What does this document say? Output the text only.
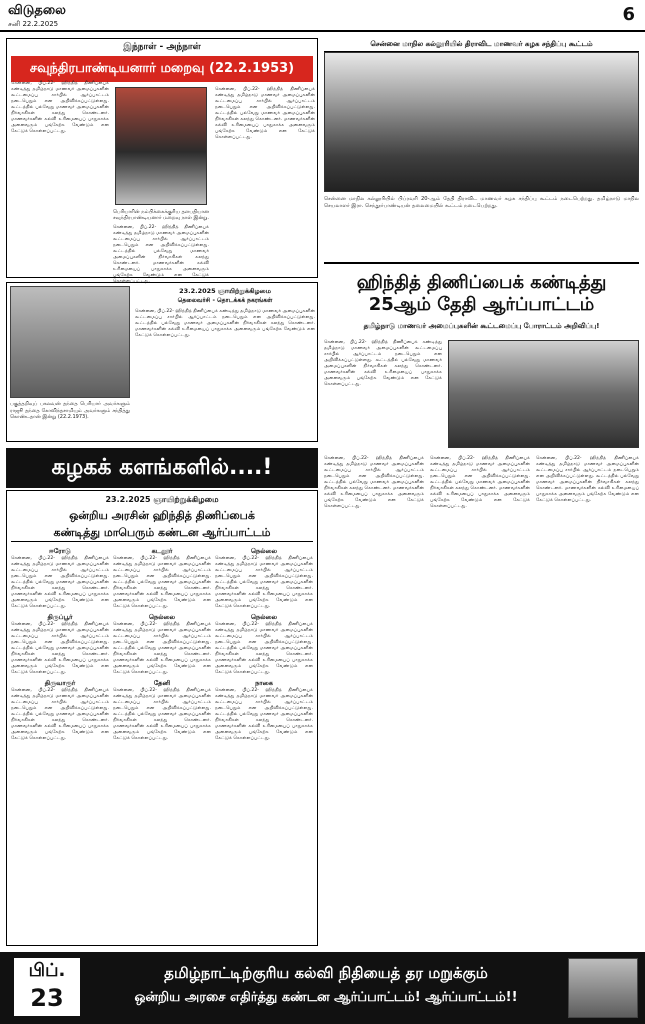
விடுதலை
சனி 22.2.2025	6
இந்நாள் - அந்நாள்
சவுந்திரபாண்டியனார் மறைவு (22.2.1953)
சென்னை, பிப்.22- ஹிந்தித் திணிப்பைக் கண்டித்து தமிழ்நாடு மாணவர் அமைப்புகளின் கூட்டமைப்பு சார்பில் ஆர்ப்பாட்டம் நடைபெறும் என அறிவிக்கப்பட்டுள்ளது. கூட்டத்தில் பல்வேறு மாணவர் அமைப்புகளின் நிர்வாகிகள் கலந்து கொண்டனர். மாணவர்களின் கல்வி உரிமையைப் பாதுகாக்க அனைவரும் பங்கேற்க வேண்டும் என கேட்டுக் கொள்ளப்பட்டது.
பெரியாரின் நம்பிக்கைக்குரிய தளபதியான சவுந்திரபாண்டியனார் மறைவு நாள் இன்று.
சென்னை, பிப்.22- ஹிந்தித் திணிப்பைக் கண்டித்து தமிழ்நாடு மாணவர் அமைப்புகளின் கூட்டமைப்பு சார்பில் ஆர்ப்பாட்டம் நடைபெறும் என அறிவிக்கப்பட்டுள்ளது. கூட்டத்தில் பல்வேறு மாணவர் அமைப்புகளின் நிர்வாகிகள் கலந்து கொண்டனர். மாணவர்களின் கல்வி உரிமையைப் பாதுகாக்க அனைவரும் பங்கேற்க வேண்டும் என கேட்டுக் கொள்ளப்பட்டது.
சென்னை, பிப்.22- ஹிந்தித் திணிப்பைக் கண்டித்து தமிழ்நாடு மாணவர் அமைப்புகளின் கூட்டமைப்பு சார்பில் ஆர்ப்பாட்டம் நடைபெறும் என அறிவிக்கப்பட்டுள்ளது. கூட்டத்தில் பல்வேறு மாணவர் அமைப்புகளின் நிர்வாகிகள் கலந்து கொண்டனர். மாணவர்களின் கல்வி உரிமையைப் பாதுகாக்க அனைவரும் பங்கேற்க வேண்டும் என கேட்டுக் கொள்ளப்பட்டது.
பகுத்தறிவுப் பகலவன் தந்தை பெரியார் அவர்களும் ராஜூ தந்தை கோவிந்தசாமியும் அவர்களும் சந்தித்து கொண்டதான் இன்று (22.2.1973).
23.2.2025 ஞாயிற்றுக்கிழமை
தெலைவர்சி - தொடக்கக் நகரங்கள்
சென்னை, பிப்.22- ஹிந்தித் திணிப்பைக் கண்டித்து தமிழ்நாடு மாணவர் அமைப்புகளின் கூட்டமைப்பு சார்பில் ஆர்ப்பாட்டம் நடைபெறும் என அறிவிக்கப்பட்டுள்ளது. கூட்டத்தில் பல்வேறு மாணவர் அமைப்புகளின் நிர்வாகிகள் கலந்து கொண்டனர். மாணவர்களின் கல்வி உரிமையைப் பாதுகாக்க அனைவரும் பங்கேற்க வேண்டும் என கேட்டுக் கொள்ளப்பட்டது.
கழகக் களங்களில்....!
23.2.2025 ஞாயிற்றுக்கிழமை
ஒன்றிய அரசின் ஹிந்தித் திணிப்பைக்
கண்டித்து மாபெரும் கண்டன ஆர்ப்பாட்டம்
ஈரோடு
சென்னை, பிப்.22- ஹிந்தித் திணிப்பைக் கண்டித்து தமிழ்நாடு மாணவர் அமைப்புகளின் கூட்டமைப்பு சார்பில் ஆர்ப்பாட்டம் நடைபெறும் என அறிவிக்கப்பட்டுள்ளது. கூட்டத்தில் பல்வேறு மாணவர் அமைப்புகளின் நிர்வாகிகள் கலந்து கொண்டனர். மாணவர்களின் கல்வி உரிமையைப் பாதுகாக்க அனைவரும் பங்கேற்க வேண்டும் என கேட்டுக் கொள்ளப்பட்டது.
திருப்பூர்
சென்னை, பிப்.22- ஹிந்தித் திணிப்பைக் கண்டித்து தமிழ்நாடு மாணவர் அமைப்புகளின் கூட்டமைப்பு சார்பில் ஆர்ப்பாட்டம் நடைபெறும் என அறிவிக்கப்பட்டுள்ளது. கூட்டத்தில் பல்வேறு மாணவர் அமைப்புகளின் நிர்வாகிகள் கலந்து கொண்டனர். மாணவர்களின் கல்வி உரிமையைப் பாதுகாக்க அனைவரும் பங்கேற்க வேண்டும் என கேட்டுக் கொள்ளப்பட்டது.
திருவாரூர்
சென்னை, பிப்.22- ஹிந்தித் திணிப்பைக் கண்டித்து தமிழ்நாடு மாணவர் அமைப்புகளின் கூட்டமைப்பு சார்பில் ஆர்ப்பாட்டம் நடைபெறும் என அறிவிக்கப்பட்டுள்ளது. கூட்டத்தில் பல்வேறு மாணவர் அமைப்புகளின் நிர்வாகிகள் கலந்து கொண்டனர். மாணவர்களின் கல்வி உரிமையைப் பாதுகாக்க அனைவரும் பங்கேற்க வேண்டும் என கேட்டுக் கொள்ளப்பட்டது.
கடலூர்
சென்னை, பிப்.22- ஹிந்தித் திணிப்பைக் கண்டித்து தமிழ்நாடு மாணவர் அமைப்புகளின் கூட்டமைப்பு சார்பில் ஆர்ப்பாட்டம் நடைபெறும் என அறிவிக்கப்பட்டுள்ளது. கூட்டத்தில் பல்வேறு மாணவர் அமைப்புகளின் நிர்வாகிகள் கலந்து கொண்டனர். மாணவர்களின் கல்வி உரிமையைப் பாதுகாக்க அனைவரும் பங்கேற்க வேண்டும் என கேட்டுக் கொள்ளப்பட்டது.
நெல்லை
சென்னை, பிப்.22- ஹிந்தித் திணிப்பைக் கண்டித்து தமிழ்நாடு மாணவர் அமைப்புகளின் கூட்டமைப்பு சார்பில் ஆர்ப்பாட்டம் நடைபெறும் என அறிவிக்கப்பட்டுள்ளது. கூட்டத்தில் பல்வேறு மாணவர் அமைப்புகளின் நிர்வாகிகள் கலந்து கொண்டனர். மாணவர்களின் கல்வி உரிமையைப் பாதுகாக்க அனைவரும் பங்கேற்க வேண்டும் என கேட்டுக் கொள்ளப்பட்டது.
தேனி
சென்னை, பிப்.22- ஹிந்தித் திணிப்பைக் கண்டித்து தமிழ்நாடு மாணவர் அமைப்புகளின் கூட்டமைப்பு சார்பில் ஆர்ப்பாட்டம் நடைபெறும் என அறிவிக்கப்பட்டுள்ளது. கூட்டத்தில் பல்வேறு மாணவர் அமைப்புகளின் நிர்வாகிகள் கலந்து கொண்டனர். மாணவர்களின் கல்வி உரிமையைப் பாதுகாக்க அனைவரும் பங்கேற்க வேண்டும் என கேட்டுக் கொள்ளப்பட்டது.
நெல்லை
சென்னை, பிப்.22- ஹிந்தித் திணிப்பைக் கண்டித்து தமிழ்நாடு மாணவர் அமைப்புகளின் கூட்டமைப்பு சார்பில் ஆர்ப்பாட்டம் நடைபெறும் என அறிவிக்கப்பட்டுள்ளது. கூட்டத்தில் பல்வேறு மாணவர் அமைப்புகளின் நிர்வாகிகள் கலந்து கொண்டனர். மாணவர்களின் கல்வி உரிமையைப் பாதுகாக்க அனைவரும் பங்கேற்க வேண்டும் என கேட்டுக் கொள்ளப்பட்டது.
நெல்லை
சென்னை, பிப்.22- ஹிந்தித் திணிப்பைக் கண்டித்து தமிழ்நாடு மாணவர் அமைப்புகளின் கூட்டமைப்பு சார்பில் ஆர்ப்பாட்டம் நடைபெறும் என அறிவிக்கப்பட்டுள்ளது. கூட்டத்தில் பல்வேறு மாணவர் அமைப்புகளின் நிர்வாகிகள் கலந்து கொண்டனர். மாணவர்களின் கல்வி உரிமையைப் பாதுகாக்க அனைவரும் பங்கேற்க வேண்டும் என கேட்டுக் கொள்ளப்பட்டது.
நாகை
சென்னை, பிப்.22- ஹிந்தித் திணிப்பைக் கண்டித்து தமிழ்நாடு மாணவர் அமைப்புகளின் கூட்டமைப்பு சார்பில் ஆர்ப்பாட்டம் நடைபெறும் என அறிவிக்கப்பட்டுள்ளது. கூட்டத்தில் பல்வேறு மாணவர் அமைப்புகளின் நிர்வாகிகள் கலந்து கொண்டனர். மாணவர்களின் கல்வி உரிமையைப் பாதுகாக்க அனைவரும் பங்கேற்க வேண்டும் என கேட்டுக் கொள்ளப்பட்டது.
சென்னை மாநில கல்லூரியில் திராவிட மாணவர் கழக சந்திப்பு கூட்டம்
சென்னை மாநில கல்லூரியில் பிப்ரவரி 20-ஆம் தேதி திராவிட மாணவர் கழக சந்திப்பு கூட்டம் நடைபெற்றது. தமிழ்நாடு மாநில செயலாளர் இரா. செந்தூர்பாண்டியன் தலைமையில் கூட்டம் நடைபெற்றது.
ஹிந்தித் திணிப்பைக் கண்டித்து
25ஆம் தேதி ஆர்ப்பாட்டம்
தமிழ்நாடு மாணவர் அமைப்புகளின் கூட்டமைப்பு போராட்டம் அறிவிப்பு!
சென்னை, பிப்.22- ஹிந்தித் திணிப்பைக் கண்டித்து தமிழ்நாடு மாணவர் அமைப்புகளின் கூட்டமைப்பு சார்பில் ஆர்ப்பாட்டம் நடைபெறும் என அறிவிக்கப்பட்டுள்ளது. கூட்டத்தில் பல்வேறு மாணவர் அமைப்புகளின் நிர்வாகிகள் கலந்து கொண்டனர். மாணவர்களின் கல்வி உரிமையைப் பாதுகாக்க அனைவரும் பங்கேற்க வேண்டும் என கேட்டுக் கொள்ளப்பட்டது.
சென்னை, பிப்.22- ஹிந்தித் திணிப்பைக் கண்டித்து தமிழ்நாடு மாணவர் அமைப்புகளின் கூட்டமைப்பு சார்பில் ஆர்ப்பாட்டம் நடைபெறும் என அறிவிக்கப்பட்டுள்ளது. கூட்டத்தில் பல்வேறு மாணவர் அமைப்புகளின் நிர்வாகிகள் கலந்து கொண்டனர். மாணவர்களின் கல்வி உரிமையைப் பாதுகாக்க அனைவரும் பங்கேற்க வேண்டும் என கேட்டுக் கொள்ளப்பட்டது.
சென்னை, பிப்.22- ஹிந்தித் திணிப்பைக் கண்டித்து தமிழ்நாடு மாணவர் அமைப்புகளின் கூட்டமைப்பு சார்பில் ஆர்ப்பாட்டம் நடைபெறும் என அறிவிக்கப்பட்டுள்ளது. கூட்டத்தில் பல்வேறு மாணவர் அமைப்புகளின் நிர்வாகிகள் கலந்து கொண்டனர். மாணவர்களின் கல்வி உரிமையைப் பாதுகாக்க அனைவரும் பங்கேற்க வேண்டும் என கேட்டுக் கொள்ளப்பட்டது.
சென்னை, பிப்.22- ஹிந்தித் திணிப்பைக் கண்டித்து தமிழ்நாடு மாணவர் அமைப்புகளின் கூட்டமைப்பு சார்பில் ஆர்ப்பாட்டம் நடைபெறும் என அறிவிக்கப்பட்டுள்ளது. கூட்டத்தில் பல்வேறு மாணவர் அமைப்புகளின் நிர்வாகிகள் கலந்து கொண்டனர். மாணவர்களின் கல்வி உரிமையைப் பாதுகாக்க அனைவரும் பங்கேற்க வேண்டும் என கேட்டுக் கொள்ளப்பட்டது.
தமிழ்நாட்டிற்குரிய கல்வி நிதியைத் தர மறுக்கும்
ஒன்றிய அரசை எதிர்த்து கண்டன ஆர்ப்பாட்டம்! ஆர்ப்பாட்டம்!!
பிப்.
23
